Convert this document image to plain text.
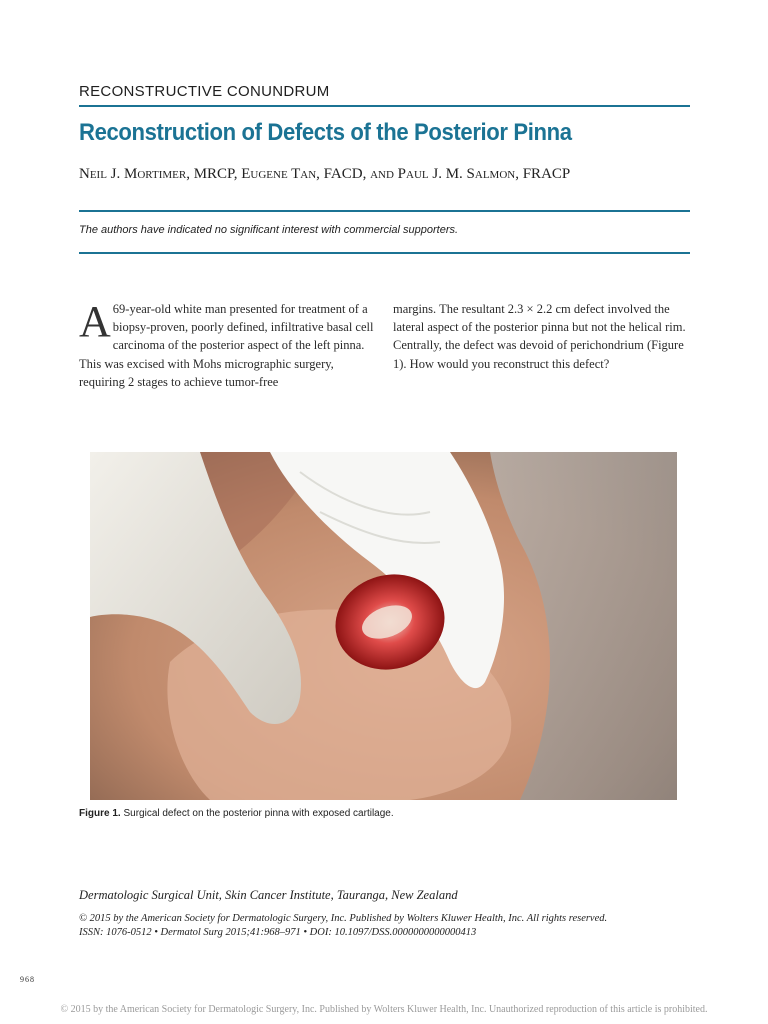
RECONSTRUCTIVE CONUNDRUM
Reconstruction of Defects of the Posterior Pinna
Neil J. Mortimer, MRCP, Eugene Tan, FACD, and Paul J. M. Salmon, FRACP
The authors have indicated no significant interest with commercial supporters.
A 69-year-old white man presented for treatment of a biopsy-proven, poorly defined, infiltrative basal cell carcinoma of the posterior aspect of the left pinna. This was excised with Mohs micrographic surgery, requiring 2 stages to achieve tumor-free
margins. The resultant 2.3 × 2.2 cm defect involved the lateral aspect of the posterior pinna but not the helical rim. Centrally, the defect was devoid of perichondrium (Figure 1). How would you reconstruct this defect?
Figure 1. Surgical defect on the posterior pinna with exposed cartilage.
Dermatologic Surgical Unit, Skin Cancer Institute, Tauranga, New Zealand
© 2015 by the American Society for Dermatologic Surgery, Inc. Published by Wolters Kluwer Health, Inc. All rights reserved.
ISSN: 1076-0512 • Dermatol Surg 2015;41:968–971 • DOI: 10.1097/DSS.0000000000000413
968
© 2015 by the American Society for Dermatologic Surgery, Inc. Published by Wolters Kluwer Health, Inc. Unauthorized reproduction of this article is prohibited.
